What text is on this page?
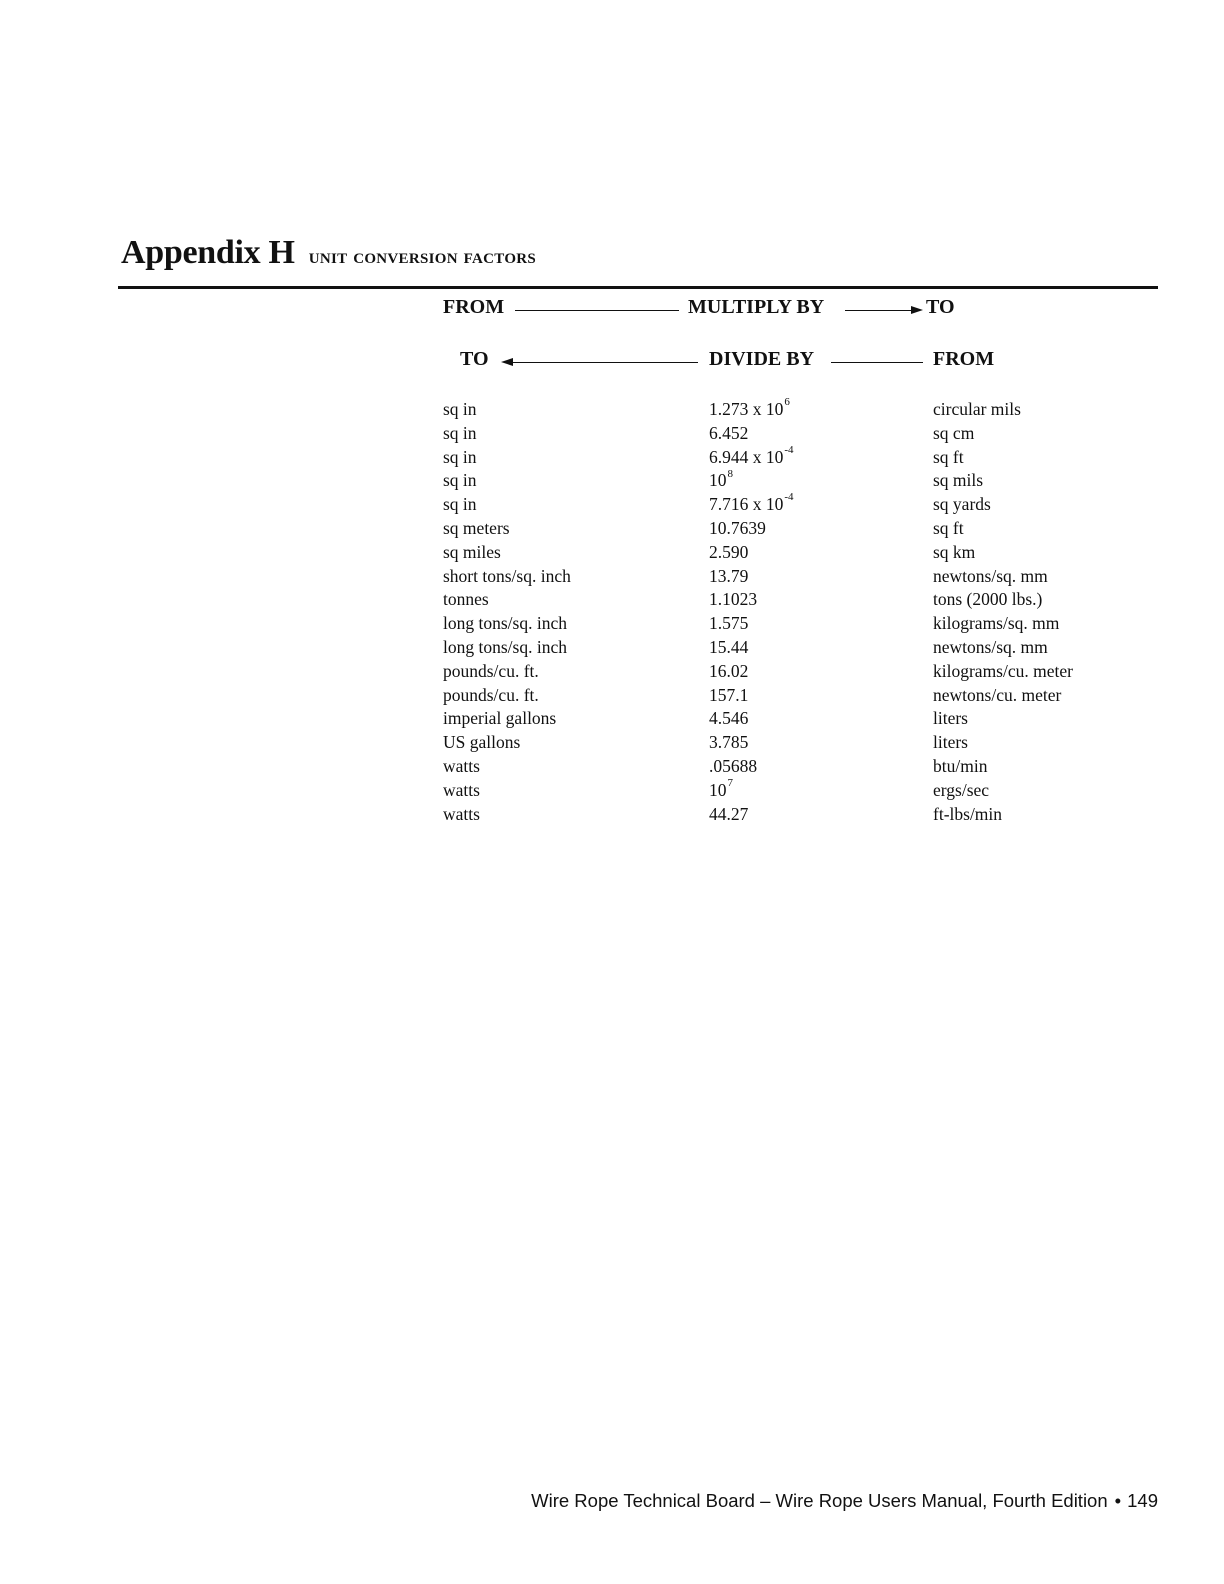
Appendix H unit conversion factors
FROM	MULTIPLY BY	TO
TO	DIVIDE BY	FROM
sq in	1.273 x $10^6$	circular mils
sq in	6.452	sq cm
sq in	6.944 x $10^{-4}$	sq ft
sq in	$10^8$	sq mils
sq in	7.716 x $10^{-4}$	sq yards
sq meters	10.7639	sq ft
sq miles	2.590	sq km
short tons/sq. inch	13.79	newtons/sq. mm
tonnes	1.1023	tons (2000 lbs.)
long tons/sq. inch	1.575	kilograms/sq. mm
long tons/sq. inch	15.44	newtons/sq. mm
pounds/cu. ft.	16.02	kilograms/cu. meter
pounds/cu. ft.	157.1	newtons/cu. meter
imperial gallons	4.546	liters
US gallons	3.785	liters
watts	.05688	btu/min
watts	$10^7$	ergs/sec
watts	44.27	ft-lbs/min
Wire Rope Technical Board – Wire Rope Users Manual, Fourth Edition • 149
